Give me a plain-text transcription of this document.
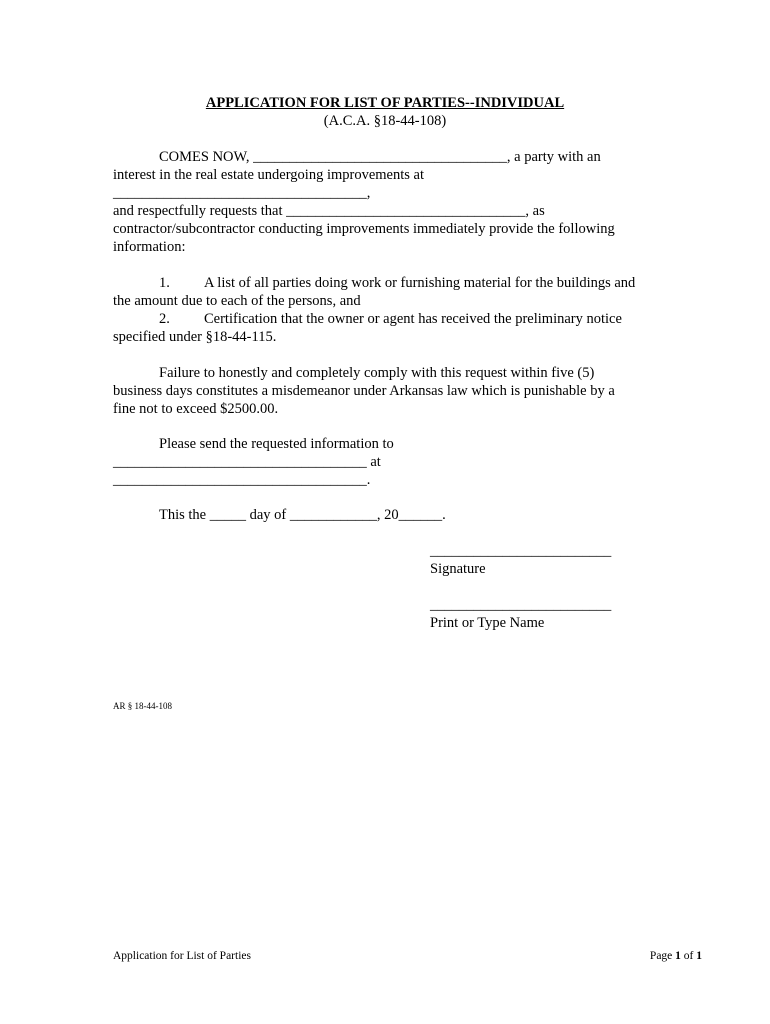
APPLICATION FOR LIST OF PARTIES--INDIVIDUAL
(A.C.A. §18-44-108)
COMES NOW, ___________________________________, a party with an
interest in the real estate undergoing improvements at
___________________________________,
and respectfully requests that _________________________________, as
contractor/subcontractor conducting improvements immediately provide the following
information:
1. A list of all parties doing work or furnishing material for the buildings and
the amount due to each of the persons, and
2. Certification that the owner or agent has received the preliminary notice
specified under §18-44-115.
Failure to honestly and completely comply with this request within five (5)
business days constitutes a misdemeanor under Arkansas law which is punishable by a
fine not to exceed $2500.00.
Please send the requested information to
___________________________________ at
___________________________________.
This the _____ day of ____________, 20______.
_________________________
Signature
_________________________
Print or Type Name
AR § 18-44-108
Application for List of Parties	Page 1 of 1
